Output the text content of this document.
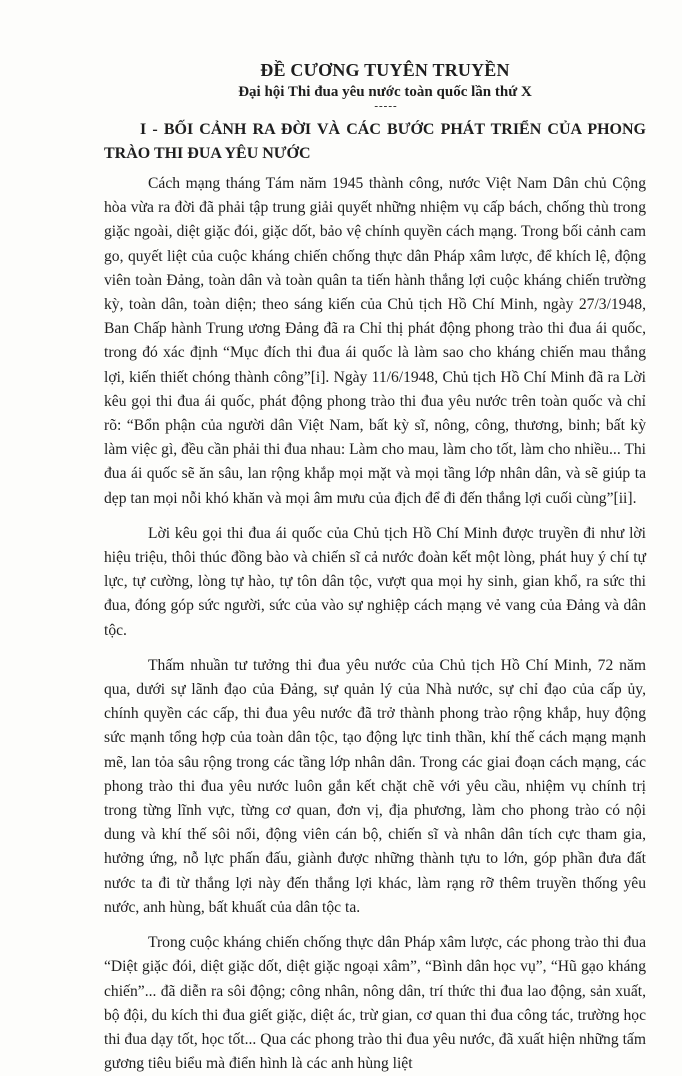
ĐỀ CƯƠNG TUYÊN TRUYỀN
Đại hội Thi đua yêu nước toàn quốc lần thứ X
-----
I - BỐI CẢNH RA ĐỜI VÀ CÁC BƯỚC PHÁT TRIỂN CỦA PHONG TRÀO THI ĐUA YÊU NƯỚC

Cách mạng tháng Tám năm 1945 thành công, nước Việt Nam Dân chủ Cộng hòa vừa ra đời đã phải tập trung giải quyết những nhiệm vụ cấp bách, chống thù trong giặc ngoài, diệt giặc đói, giặc dốt, bảo vệ chính quyền cách mạng. Trong bối cảnh cam go, quyết liệt của cuộc kháng chiến chống thực dân Pháp xâm lược, để khích lệ, động viên toàn Đảng, toàn dân và toàn quân ta tiến hành thắng lợi cuộc kháng chiến trường kỳ, toàn dân, toàn diện; theo sáng kiến của Chủ tịch Hồ Chí Minh, ngày 27/3/1948, Ban Chấp hành Trung ương Đảng đã ra Chỉ thị phát động phong trào thi đua ái quốc, trong đó xác định “Mục đích thi đua ái quốc là làm sao cho kháng chiến mau thắng lợi, kiến thiết chóng thành công”[i]. Ngày 11/6/1948, Chủ tịch Hồ Chí Minh đã ra Lời kêu gọi thi đua ái quốc, phát động phong trào thi đua yêu nước trên toàn quốc và chỉ rõ: “Bổn phận của người dân Việt Nam, bất kỳ sĩ, nông, công, thương, binh; bất kỳ làm việc gì, đều cần phải thi đua nhau: Làm cho mau, làm cho tốt, làm cho nhiều... Thi đua ái quốc sẽ ăn sâu, lan rộng khắp mọi mặt và mọi tầng lớp nhân dân, và sẽ giúp ta dẹp tan mọi nỗi khó khăn và mọi âm mưu của địch để đi đến thắng lợi cuối cùng”[ii].

Lời kêu gọi thi đua ái quốc của Chủ tịch Hồ Chí Minh được truyền đi như lời hiệu triệu, thôi thúc đồng bào và chiến sĩ cả nước đoàn kết một lòng, phát huy ý chí tự lực, tự cường, lòng tự hào, tự tôn dân tộc, vượt qua mọi hy sinh, gian khổ, ra sức thi đua, đóng góp sức người, sức của vào sự nghiệp cách mạng vẻ vang của Đảng và dân tộc.

Thấm nhuần tư tưởng thi đua yêu nước của Chủ tịch Hồ Chí Minh, 72 năm qua, dưới sự lãnh đạo của Đảng, sự quản lý của Nhà nước, sự chỉ đạo của cấp ủy, chính quyền các cấp, thi đua yêu nước đã trở thành phong trào rộng khắp, huy động sức mạnh tổng hợp của toàn dân tộc, tạo động lực tinh thần, khí thế cách mạng mạnh mẽ, lan tỏa sâu rộng trong các tầng lớp nhân dân. Trong các giai đoạn cách mạng, các phong trào thi đua yêu nước luôn gắn kết chặt chẽ với yêu cầu, nhiệm vụ chính trị trong từng lĩnh vực, từng cơ quan, đơn vị, địa phương, làm cho phong trào có nội dung và khí thế sôi nổi, động viên cán bộ, chiến sĩ và nhân dân tích cực tham gia, hưởng ứng, nỗ lực phấn đấu, giành được những thành tựu to lớn, góp phần đưa đất nước ta đi từ thắng lợi này đến thắng lợi khác, làm rạng rỡ thêm truyền thống yêu nước, anh hùng, bất khuất của dân tộc ta.

Trong cuộc kháng chiến chống thực dân Pháp xâm lược, các phong trào thi đua “Diệt giặc đói, diệt giặc dốt, diệt giặc ngoại xâm”, “Bình dân học vụ”, “Hũ gạo kháng chiến”... đã diễn ra sôi động; công nhân, nông dân, trí thức thi đua lao động, sản xuất, bộ đội, du kích thi đua giết giặc, diệt ác, trừ gian, cơ quan thi đua công tác, trường học thi đua dạy tốt, học tốt... Qua các phong trào thi đua yêu nước, đã xuất hiện những tấm gương tiêu biểu mà điển hình là các anh hùng liệt
